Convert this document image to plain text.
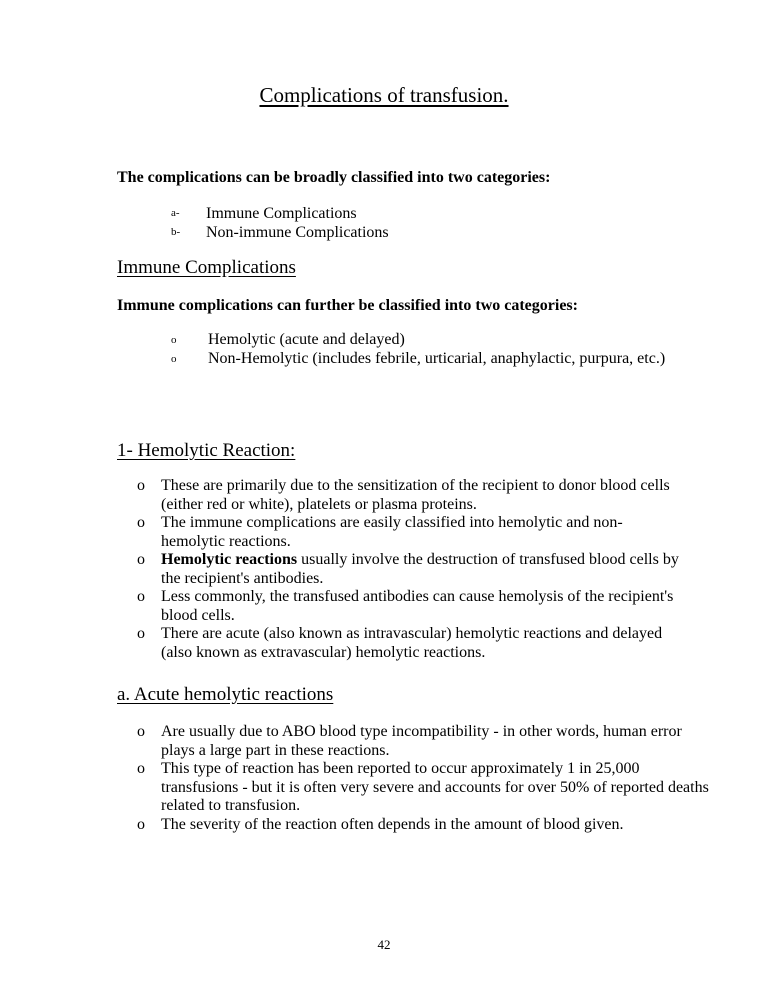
Complications of transfusion.
The complications can be broadly classified into two categories:
a-	Immune Complications
b-	Non-immune Complications
Immune Complications
Immune complications can further be classified into two categories:
o	Hemolytic (acute and delayed)
o	Non-Hemolytic (includes febrile, urticarial, anaphylactic, purpura, etc.)
1- Hemolytic Reaction:
o	These are primarily due to the sensitization of the recipient to donor blood cells (either red or white), platelets or plasma proteins.
o	The immune complications are easily classified into hemolytic and non-hemolytic reactions.
o	Hemolytic reactions usually involve the destruction of transfused blood cells by the recipient's antibodies.
o	Less commonly, the transfused antibodies can cause hemolysis of the recipient's blood cells.
o	There are acute (also known as intravascular) hemolytic reactions and delayed (also known as extravascular) hemolytic reactions.
a. Acute hemolytic reactions
o	Are usually due to ABO blood type incompatibility - in other words, human error plays a large part in these reactions.
o	This type of reaction has been reported to occur approximately 1 in 25,000 transfusions - but it is often very severe and accounts for over 50% of reported deaths related to transfusion.
o	The severity of the reaction often depends in the amount of blood given.
42
